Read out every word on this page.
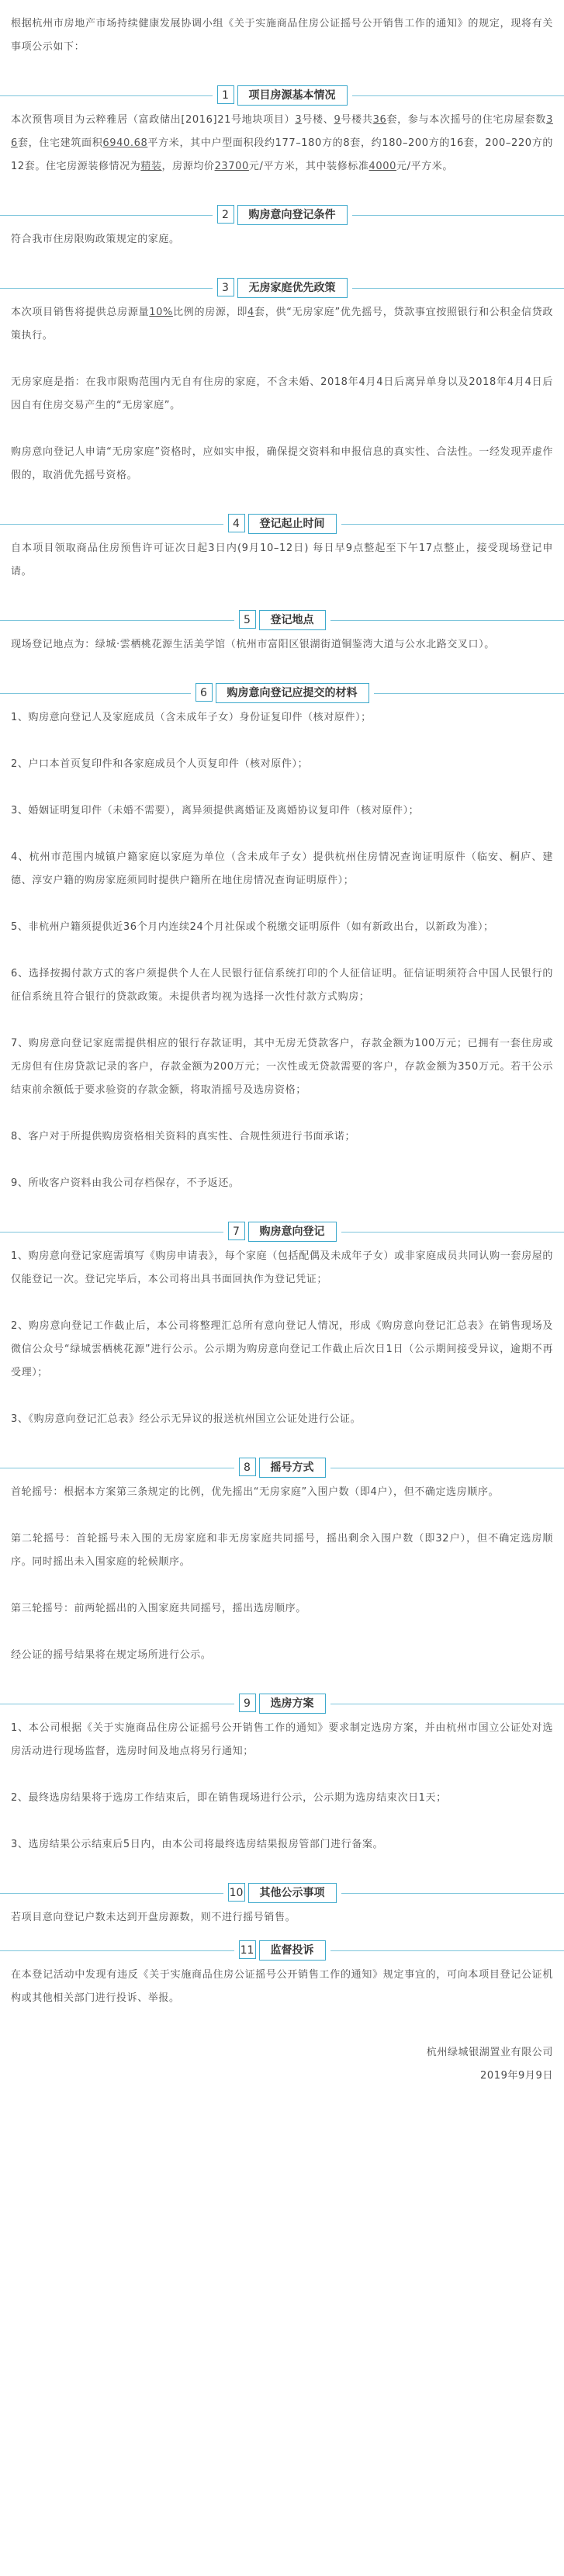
根据杭州市房地产市场持续健康发展协调小组《关于实施商品住房公证摇号公开销售工作的通知》的规定，现将有关事项公示如下：

1	项目房源基本情况

本次预售项目为云粹雅居（富政储出[2016]21号地块项目）3号楼、9号楼共36套，参与本次摇号的住宅房屋套数36套，住宅建筑面积6940.68平方米，其中户型面积段约177–180方的8套，约180–200方的16套，200–220方的12套。住宅房源装修情况为精装，房源均价23700元/平方米，其中装修标准4000元/平方米。

2	购房意向登记条件

符合我市住房限购政策规定的家庭。

3	无房家庭优先政策

本次项目销售将提供总房源量10%比例的房源，即4套，供“无房家庭”优先摇号，贷款事宜按照银行和公积金信贷政策执行。

无房家庭是指：在我市限购范围内无自有住房的家庭，不含未婚、2018年4月4日后离异单身以及2018年4月4日后因自有住房交易产生的“无房家庭”。

购房意向登记人申请“无房家庭”资格时，应如实申报，确保提交资料和申报信息的真实性、合法性。一经发现弄虚作假的，取消优先摇号资格。

4	登记起止时间

自本项目领取商品住房预售许可证次日起3日内(9月10–12日) 每日早9点整起至下午17点整止，接受现场登记申请。

5	登记地点

现场登记地点为：绿城·雲栖桃花源生活美学馆（杭州市富阳区银湖街道铜鉴湾大道与公水北路交叉口）。

6	购房意向登记应提交的材料

1、购房意向登记人及家庭成员（含未成年子女）身份证复印件（核对原件）；

2、户口本首页复印件和各家庭成员个人页复印件（核对原件）；

3、婚姻证明复印件（未婚不需要），离异须提供离婚证及离婚协议复印件（核对原件）；

4、杭州市范围内城镇户籍家庭以家庭为单位（含未成年子女）提供杭州住房情况查询证明原件（临安、桐庐、建德、淳安户籍的购房家庭须同时提供户籍所在地住房情况查询证明原件）；

5、非杭州户籍须提供近36个月内连续24个月社保或个税缴交证明原件（如有新政出台，以新政为准）；

6、选择按揭付款方式的客户须提供个人在人民银行征信系统打印的个人征信证明。征信证明须符合中国人民银行的征信系统且符合银行的贷款政策。未提供者均视为选择一次性付款方式购房；

7、购房意向登记家庭需提供相应的银行存款证明，其中无房无贷款客户，存款金额为100万元；已拥有一套住房或无房但有住房贷款记录的客户，存款金额为200万元；一次性或无贷款需要的客户，存款金额为350万元。若干公示结束前余额低于要求验资的存款金额，将取消摇号及选房资格；

8、客户对于所提供购房资格相关资料的真实性、合规性须进行书面承诺；

9、所收客户资料由我公司存档保存，不予返还。

7	购房意向登记

1、购房意向登记家庭需填写《购房申请表》，每个家庭（包括配偶及未成年子女）或非家庭成员共同认购一套房屋的仅能登记一次。登记完毕后，本公司将出具书面回执作为登记凭证；

2、购房意向登记工作截止后，本公司将整理汇总所有意向登记人情况，形成《购房意向登记汇总表》在销售现场及微信公众号“绿城雲栖桃花源”进行公示。公示期为购房意向登记工作截止后次日1日（公示期间接受异议，逾期不再受理）；

3、《购房意向登记汇总表》经公示无异议的报送杭州国立公证处进行公证。

8	摇号方式

首轮摇号：根据本方案第三条规定的比例，优先摇出“无房家庭”入围户数（即4户），但不确定选房顺序。

第二轮摇号：首轮摇号未入围的无房家庭和非无房家庭共同摇号，摇出剩余入围户数（即32户），但不确定选房顺序。同时摇出未入围家庭的轮候顺序。

第三轮摇号：前两轮摇出的入围家庭共同摇号，摇出选房顺序。

经公证的摇号结果将在规定场所进行公示。

9	选房方案

1、本公司根据《关于实施商品住房公证摇号公开销售工作的通知》要求制定选房方案，并由杭州市国立公证处对选房活动进行现场监督，选房时间及地点将另行通知；

2、最终选房结果将于选房工作结束后，即在销售现场进行公示，公示期为选房结束次日1天；

3、选房结果公示结束后5日内，由本公司将最终选房结果报房管部门进行备案。

10	其他公示事项

若项目意向登记户数未达到开盘房源数，则不进行摇号销售。

11	监督投诉

在本登记活动中发现有违反《关于实施商品住房公证摇号公开销售工作的通知》规定事宜的，可向本项目登记公证机构或其他相关部门进行投诉、举报。

杭州绿城银湖置业有限公司
2019年9月9日
